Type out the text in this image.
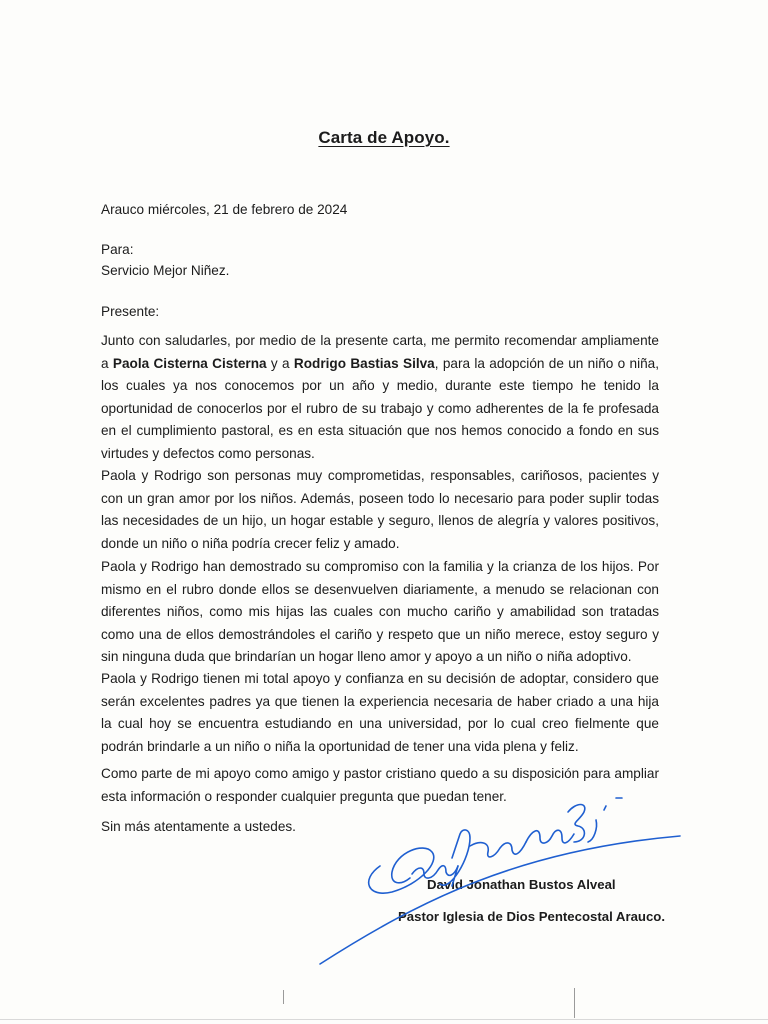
Carta de Apoyo.
Arauco miércoles, 21 de febrero de 2024
Para:
Servicio Mejor Niñez.
Presente:
Junto con saludarles, por medio de la presente carta, me permito recomendar ampliamente a Paola Cisterna Cisterna y a Rodrigo Bastias Silva, para la adopción de un niño o niña, los cuales ya nos conocemos por un año y medio, durante este tiempo he tenido la oportunidad de conocerlos por el rubro de su trabajo y como adherentes de la fe profesada en el cumplimiento pastoral, es en esta situación que nos hemos conocido a fondo en sus virtudes y defectos como personas.
Paola y Rodrigo son personas muy comprometidas, responsables, cariñosos, pacientes y con un gran amor por los niños. Además, poseen todo lo necesario para poder suplir todas las necesidades de un hijo, un hogar estable y seguro, llenos de alegría y valores positivos, donde un niño o niña podría crecer feliz y amado.
Paola y Rodrigo han demostrado su compromiso con la familia y la crianza de los hijos. Por mismo en el rubro donde ellos se desenvuelven diariamente, a menudo se relacionan con diferentes niños, como mis hijas las cuales con mucho cariño y amabilidad son tratadas como una de ellos demostrándoles el cariño y respeto que un niño merece, estoy seguro y sin ninguna duda que brindarían un hogar lleno amor y apoyo a un niño o niña adoptivo.
Paola y Rodrigo tienen mi total apoyo y confianza en su decisión de adoptar, considero que serán excelentes padres ya que tienen la experiencia necesaria de haber criado a una hija la cual hoy se encuentra estudiando en una universidad, por lo cual creo fielmente que podrán brindarle a un niño o niña la oportunidad de tener una vida plena y feliz.
Como parte de mi apoyo como amigo y pastor cristiano quedo a su disposición para ampliar esta información o responder cualquier pregunta que puedan tener.
Sin más atentamente a ustedes.
David Jonathan Bustos Alveal
Pastor Iglesia de Dios Pentecostal Arauco.
